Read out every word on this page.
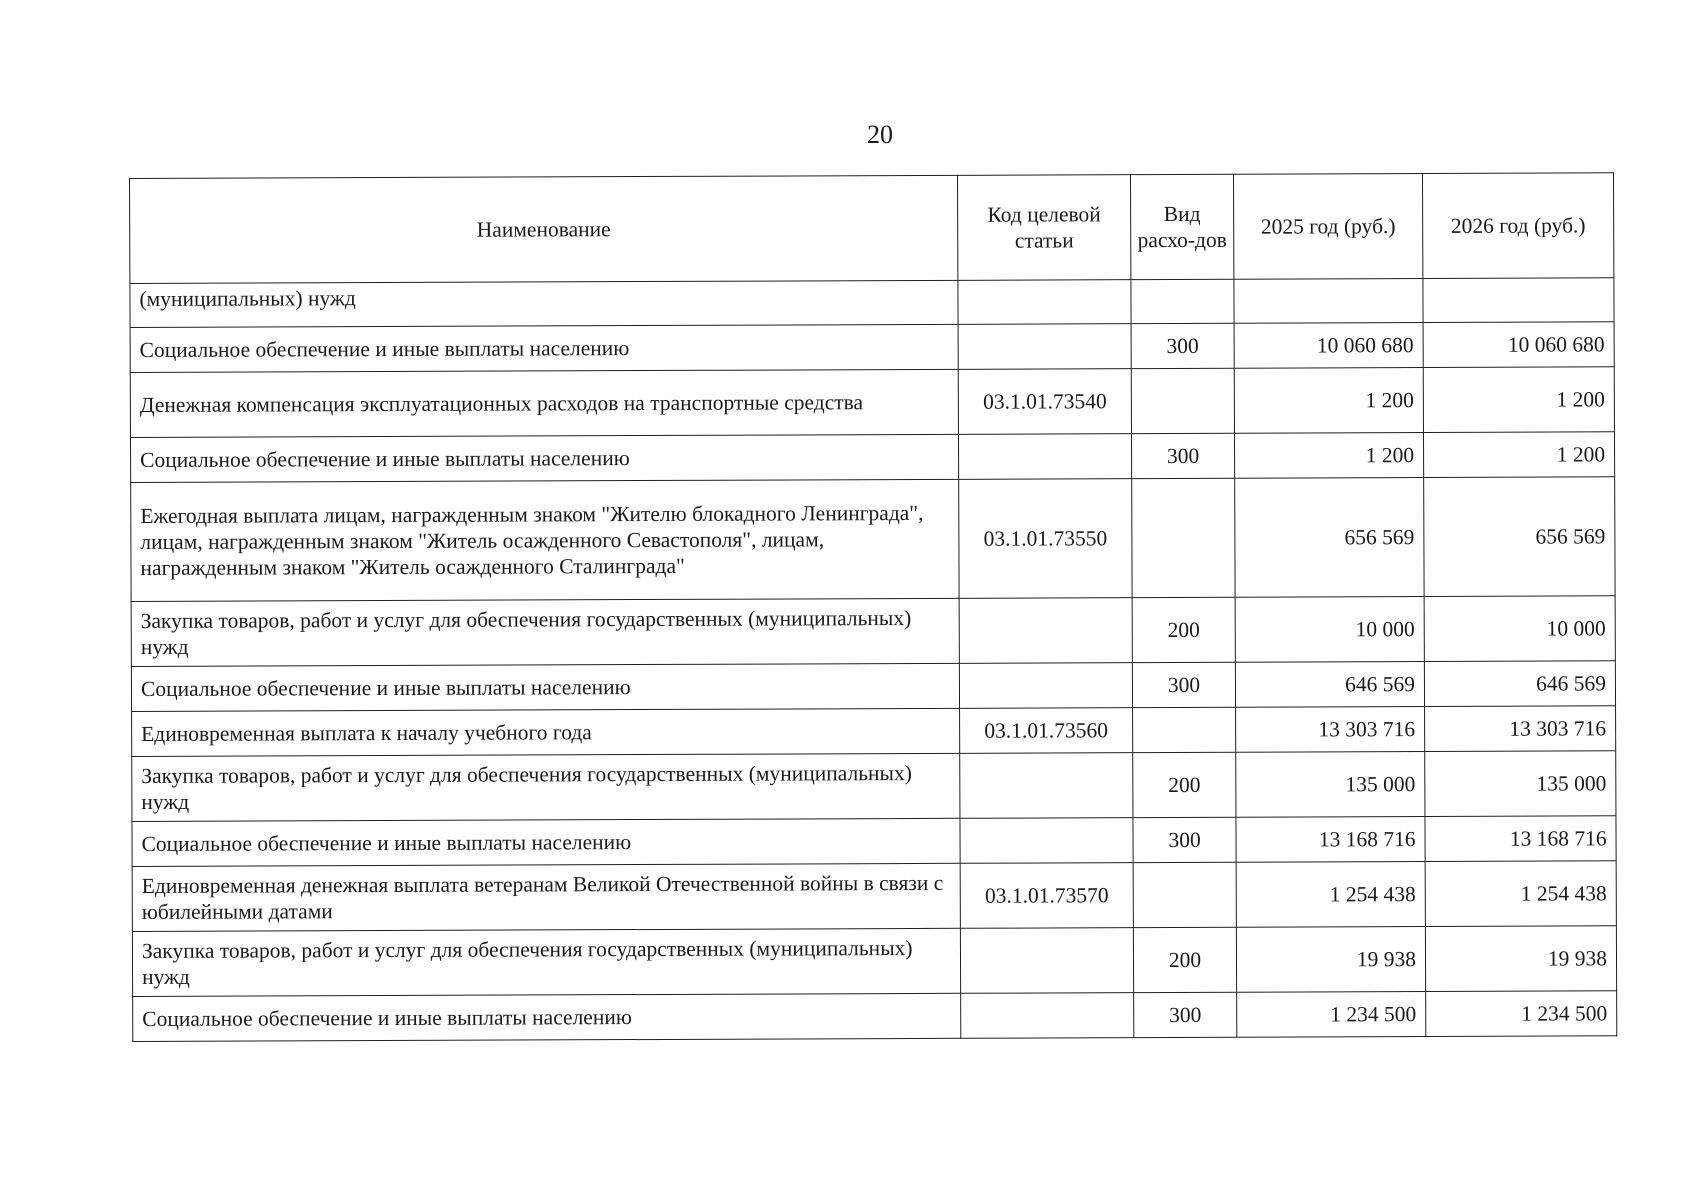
20
Наименование	Код целевой статьи	Вид расхо-дов	2025 год (руб.)	2026 год (руб.)
(муниципальных) нужд				
Социальное обеспечение и иные выплаты населению		300	10 060 680	10 060 680
Денежная компенсация эксплуатационных расходов на транспортные средства	03.1.01.73540		1 200	1 200
Социальное обеспечение и иные выплаты населению		300	1 200	1 200
Ежегодная выплата лицам, награжденным знаком "Жителю блокадного Ленинграда", лицам, награжденным знаком "Житель осажденного Севастополя", лицам, награжденным знаком "Житель осажденного Сталинграда"	03.1.01.73550		656 569	656 569
Закупка товаров, работ и услуг для обеспечения государственных (муниципальных) нужд		200	10 000	10 000
Социальное обеспечение и иные выплаты населению		300	646 569	646 569
Единовременная выплата к началу учебного года	03.1.01.73560		13 303 716	13 303 716
Закупка товаров, работ и услуг для обеспечения государственных (муниципальных) нужд		200	135 000	135 000
Социальное обеспечение и иные выплаты населению		300	13 168 716	13 168 716
Единовременная денежная выплата ветеранам Великой Отечественной войны в связи с юбилейными датами	03.1.01.73570		1 254 438	1 254 438
Закупка товаров, работ и услуг для обеспечения государственных (муниципальных) нужд		200	19 938	19 938
Социальное обеспечение и иные выплаты населению		300	1 234 500	1 234 500
